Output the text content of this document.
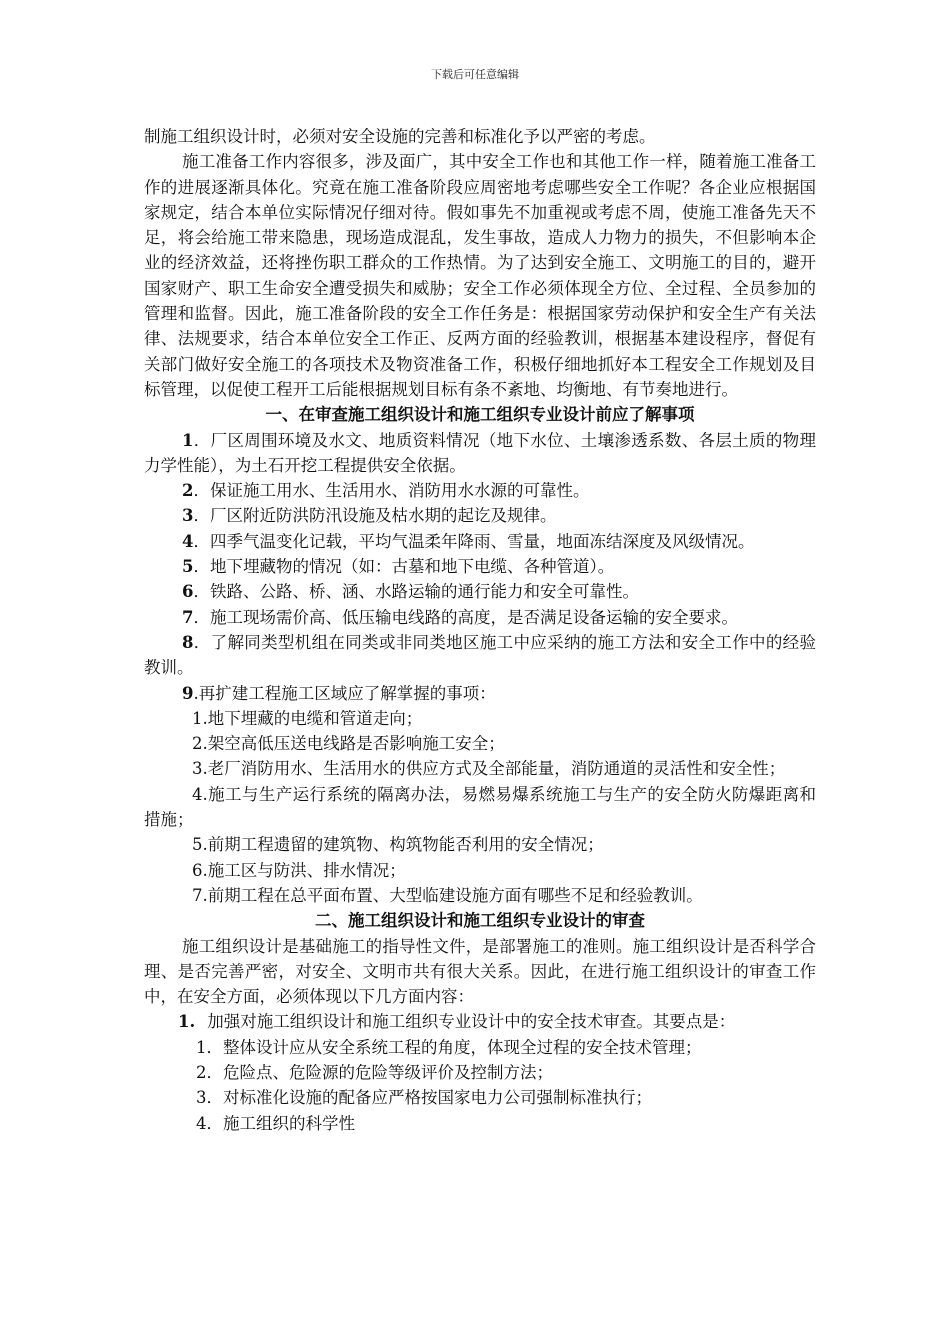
下载后可任意编辑

制施工组织设计时，必须对安全设施的完善和标准化予以严密的考虑。

施工准备工作内容很多，涉及面广，其中安全工作也和其他工作一样，随着施工准备工作的进展逐渐具体化。究竟在施工准备阶段应周密地考虑哪些安全工作呢？各企业应根据国家规定，结合本单位实际情况仔细对待。假如事先不加重视或考虑不周，使施工准备先天不足，将会给施工带来隐患，现场造成混乱，发生事故，造成人力物力的损失，不但影响本企业的经济效益，还将挫伤职工群众的工作热情。为了达到安全施工、文明施工的目的，避开国家财产、职工生命安全遭受损失和威胁；安全工作必须体现全方位、全过程、全员参加的管理和监督。因此，施工准备阶段的安全工作任务是：根据国家劳动保护和安全生产有关法律、法规要求，结合本单位安全工作正、反两方面的经验教训，根据基本建设程序，督促有关部门做好安全施工的各项技术及物资准备工作，积极仔细地抓好本工程安全工作规划及目标管理，以促使工程开工后能根据规划目标有条不紊地、均衡地、有节奏地进行。

一、在审查施工组织设计和施工组织专业设计前应了解事项

1．厂区周围环境及水文、地质资料情况（地下水位、土壤渗透系数、各层土质的物理力学性能），为土石开挖工程提供安全依据。

2．保证施工用水、生活用水、消防用水水源的可靠性。

3．厂区附近防洪防汛设施及枯水期的起讫及规律。

4．四季气温变化记载，平均气温柔年降雨、雪量，地面冻结深度及风级情况。

5．地下埋藏物的情况（如：古墓和地下电缆、各种管道）。

6．铁路、公路、桥、涵、水路运输的通行能力和安全可靠性。

7．施工现场需价高、低压输电线路的高度，是否满足设备运输的安全要求。

8．了解同类型机组在同类或非同类地区施工中应采纳的施工方法和安全工作中的经验教训。

9.再扩建工程施工区域应了解掌握的事项：

1.地下埋藏的电缆和管道走向；

2.架空高低压送电线路是否影响施工安全；

3.老厂消防用水、生活用水的供应方式及全部能量，消防通道的灵活性和安全性；

4.施工与生产运行系统的隔离办法，易燃易爆系统施工与生产的安全防火防爆距离和措施；

5.前期工程遗留的建筑物、构筑物能否利用的安全情况；

6.施工区与防洪、排水情况；

7.前期工程在总平面布置、大型临建设施方面有哪些不足和经验教训。

二、施工组织设计和施工组织专业设计的审查

施工组织设计是基础施工的指导性文件，是部署施工的准则。施工组织设计是否科学合理、是否完善严密，对安全、文明市共有很大关系。因此，在进行施工组织设计的审查工作中，在安全方面，必须体现以下几方面内容：

1. 加强对施工组织设计和施工组织专业设计中的安全技术审查。其要点是：

1．整体设计应从安全系统工程的角度，体现全过程的安全技术管理；

2．危险点、危险源的危险等级评价及控制方法；

3．对标准化设施的配备应严格按国家电力公司强制标准执行；

4．施工组织的科学性
